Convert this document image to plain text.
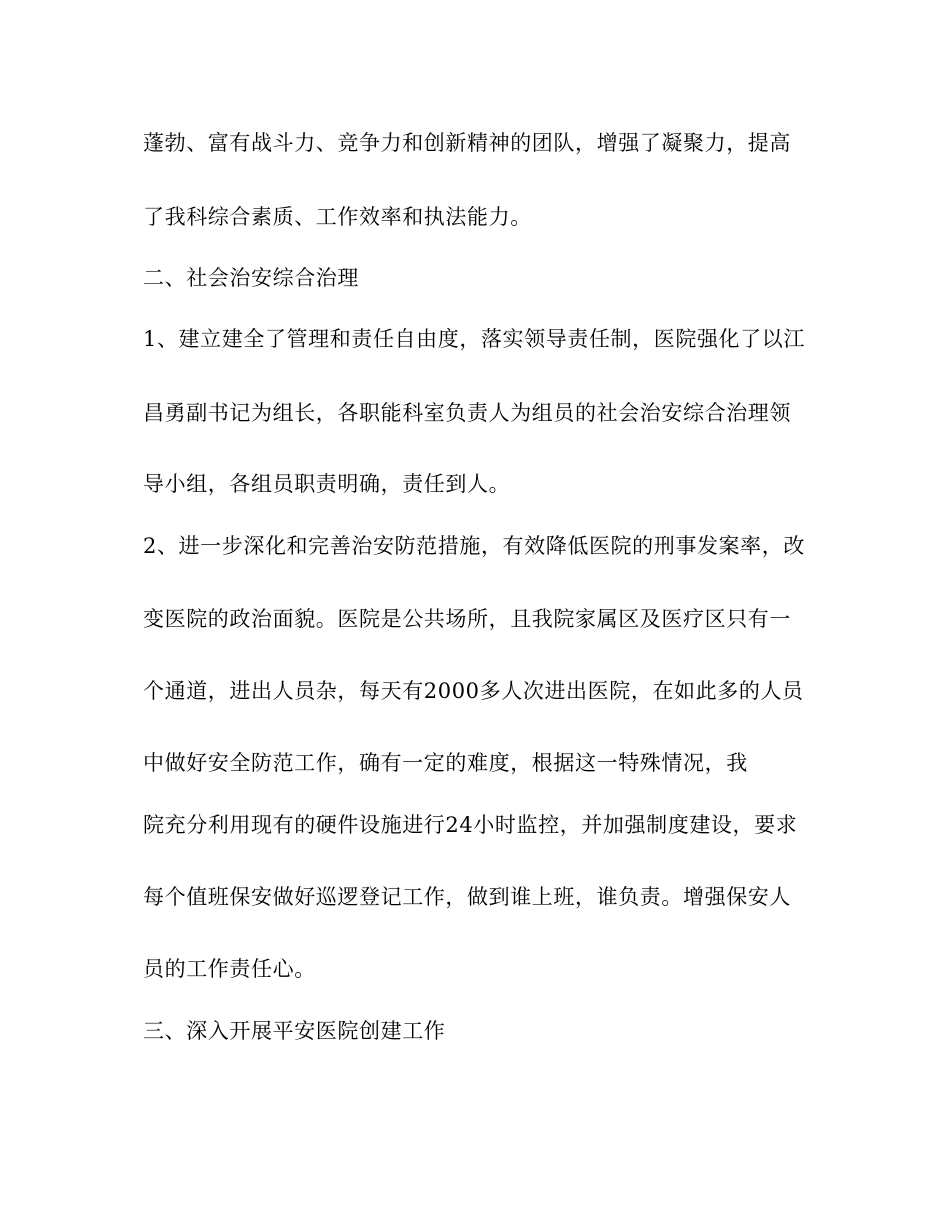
蓬勃、富有战斗力、竞争力和创新精神的团队，增强了凝聚力，提高
了我科综合素质、工作效率和执法能力。
二、社会治安综合治理
1、建立建全了管理和责任自由度，落实领导责任制，医院强化了以江
昌勇副书记为组长，各职能科室负责人为组员的社会治安综合治理领
导小组，各组员职责明确，责任到人。
2、进一步深化和完善治安防范措施，有效降低医院的刑事发案率，改
变医院的政治面貌。医院是公共场所，且我院家属区及医疗区只有一
个通道，进出人员杂，每天有2000多人次进出医院，在如此多的人员
中做好安全防范工作，确有一定的难度，根据这一特殊情况，我
院充分利用现有的硬件设施进行24小时监控，并加强制度建设，要求
每个值班保安做好巡逻登记工作，做到谁上班，谁负责。增强保安人
员的工作责任心。
三、深入开展平安医院创建工作
